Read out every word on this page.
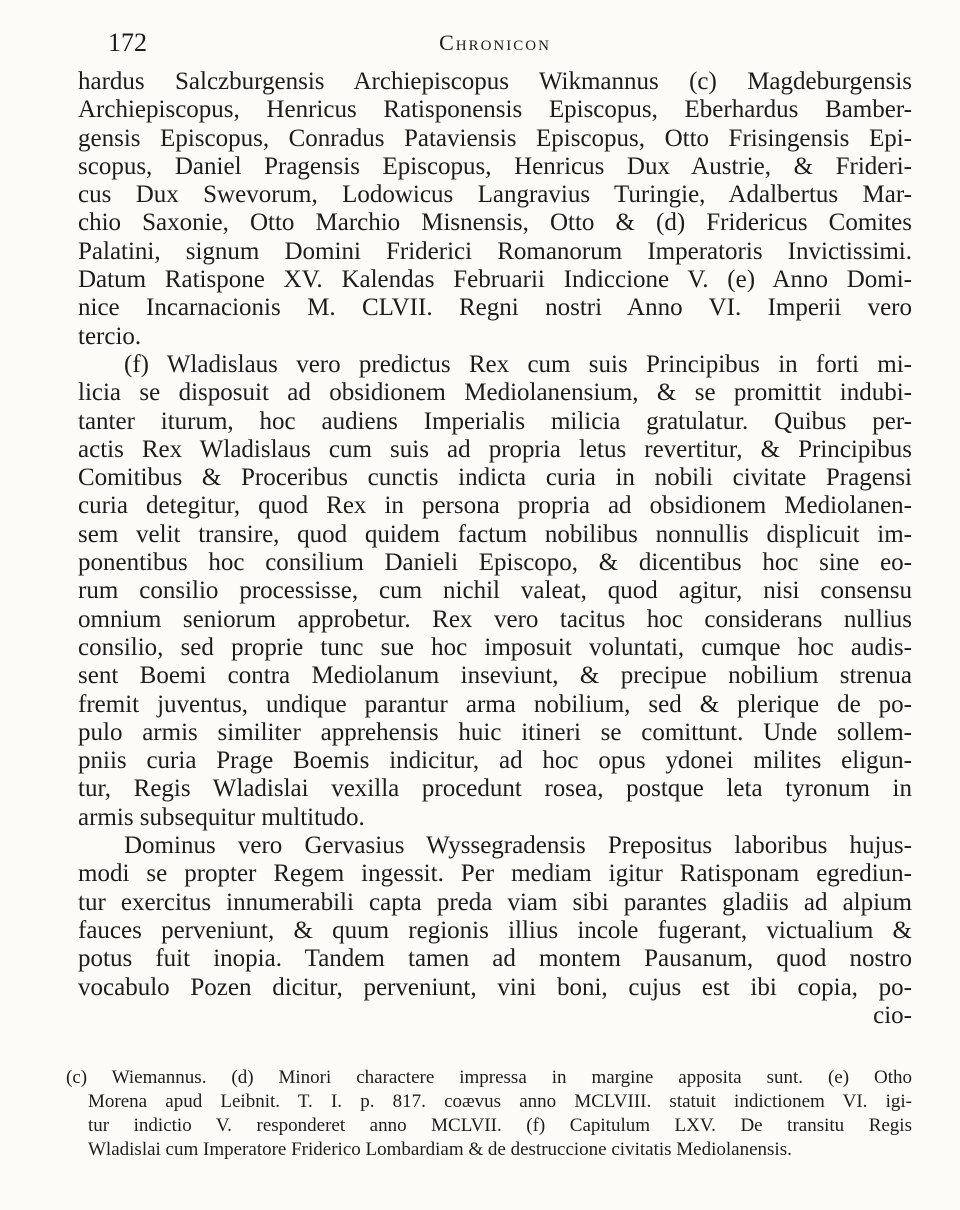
172	Chronicon
hardus Salczburgensis Archiepiscopus Wikmannus (c) Magdeburgensis
Archiepiscopus, Henricus Ratisponensis Episcopus, Eberhardus Bamber-
gensis Episcopus, Conradus Pataviensis Episcopus, Otto Frisingensis Epi-
scopus, Daniel Pragensis Episcopus, Henricus Dux Austrie, & Frideri-
cus Dux Swevorum, Lodowicus Langravius Turingie, Adalbertus Mar-
chio Saxonie, Otto Marchio Misnensis, Otto & (d) Fridericus Comites
Palatini, signum Domini Friderici Romanorum Imperatoris Invictissimi.
Datum Ratispone XV. Kalendas Februarii Indiccione V. (e) Anno Domi-
nice Incarnacionis M. CLVII. Regni nostri Anno VI. Imperii vero
tercio.
(f) Wladislaus vero predictus Rex cum suis Principibus in forti mi-
licia se disposuit ad obsidionem Mediolanensium, & se promittit indubi-
tanter iturum, hoc audiens Imperialis milicia gratulatur. Quibus per-
actis Rex Wladislaus cum suis ad propria letus revertitur, & Principibus
Comitibus & Proceribus cunctis indicta curia in nobili civitate Pragensi
curia detegitur, quod Rex in persona propria ad obsidionem Mediolanen-
sem velit transire, quod quidem factum nobilibus nonnullis displicuit im-
ponentibus hoc consilium Danieli Episcopo, & dicentibus hoc sine eo-
rum consilio processisse, cum nichil valeat, quod agitur, nisi consensu
omnium seniorum approbetur. Rex vero tacitus hoc considerans nullius
consilio, sed proprie tunc sue hoc imposuit voluntati, cumque hoc audis-
sent Boemi contra Mediolanum inseviunt, & precipue nobilium strenua
fremit juventus, undique parantur arma nobilium, sed & plerique de po-
pulo armis similiter apprehensis huic itineri se comittunt. Unde sollem-
pniis curia Prage Boemis indicitur, ad hoc opus ydonei milites eligun-
tur, Regis Wladislai vexilla procedunt rosea, postque leta tyronum in
armis subsequitur multitudo.
Dominus vero Gervasius Wyssegradensis Prepositus laboribus hujus-
modi se propter Regem ingessit. Per mediam igitur Ratisponam egrediun-
tur exercitus innumerabili capta preda viam sibi parantes gladiis ad alpium
fauces perveniunt, & quum regionis illius incole fugerant, victualium &
potus fuit inopia. Tandem tamen ad montem Pausanum, quod nostro
vocabulo Pozen dicitur, perveniunt, vini boni, cujus est ibi copia, po-
cio-
(c) Wiemannus. (d) Minori charactere impressa in margine apposita sunt. (e) Otho
Morena apud Leibnit. T. I. p. 817. coævus anno MCLVIII. statuit indictionem VI. igi-
tur indictio V. responderet anno MCLVII. (f) Capitulum LXV. De transitu Regis
Wladislai cum Imperatore Friderico Lombardiam & de destruccione civitatis Mediolanensis.
